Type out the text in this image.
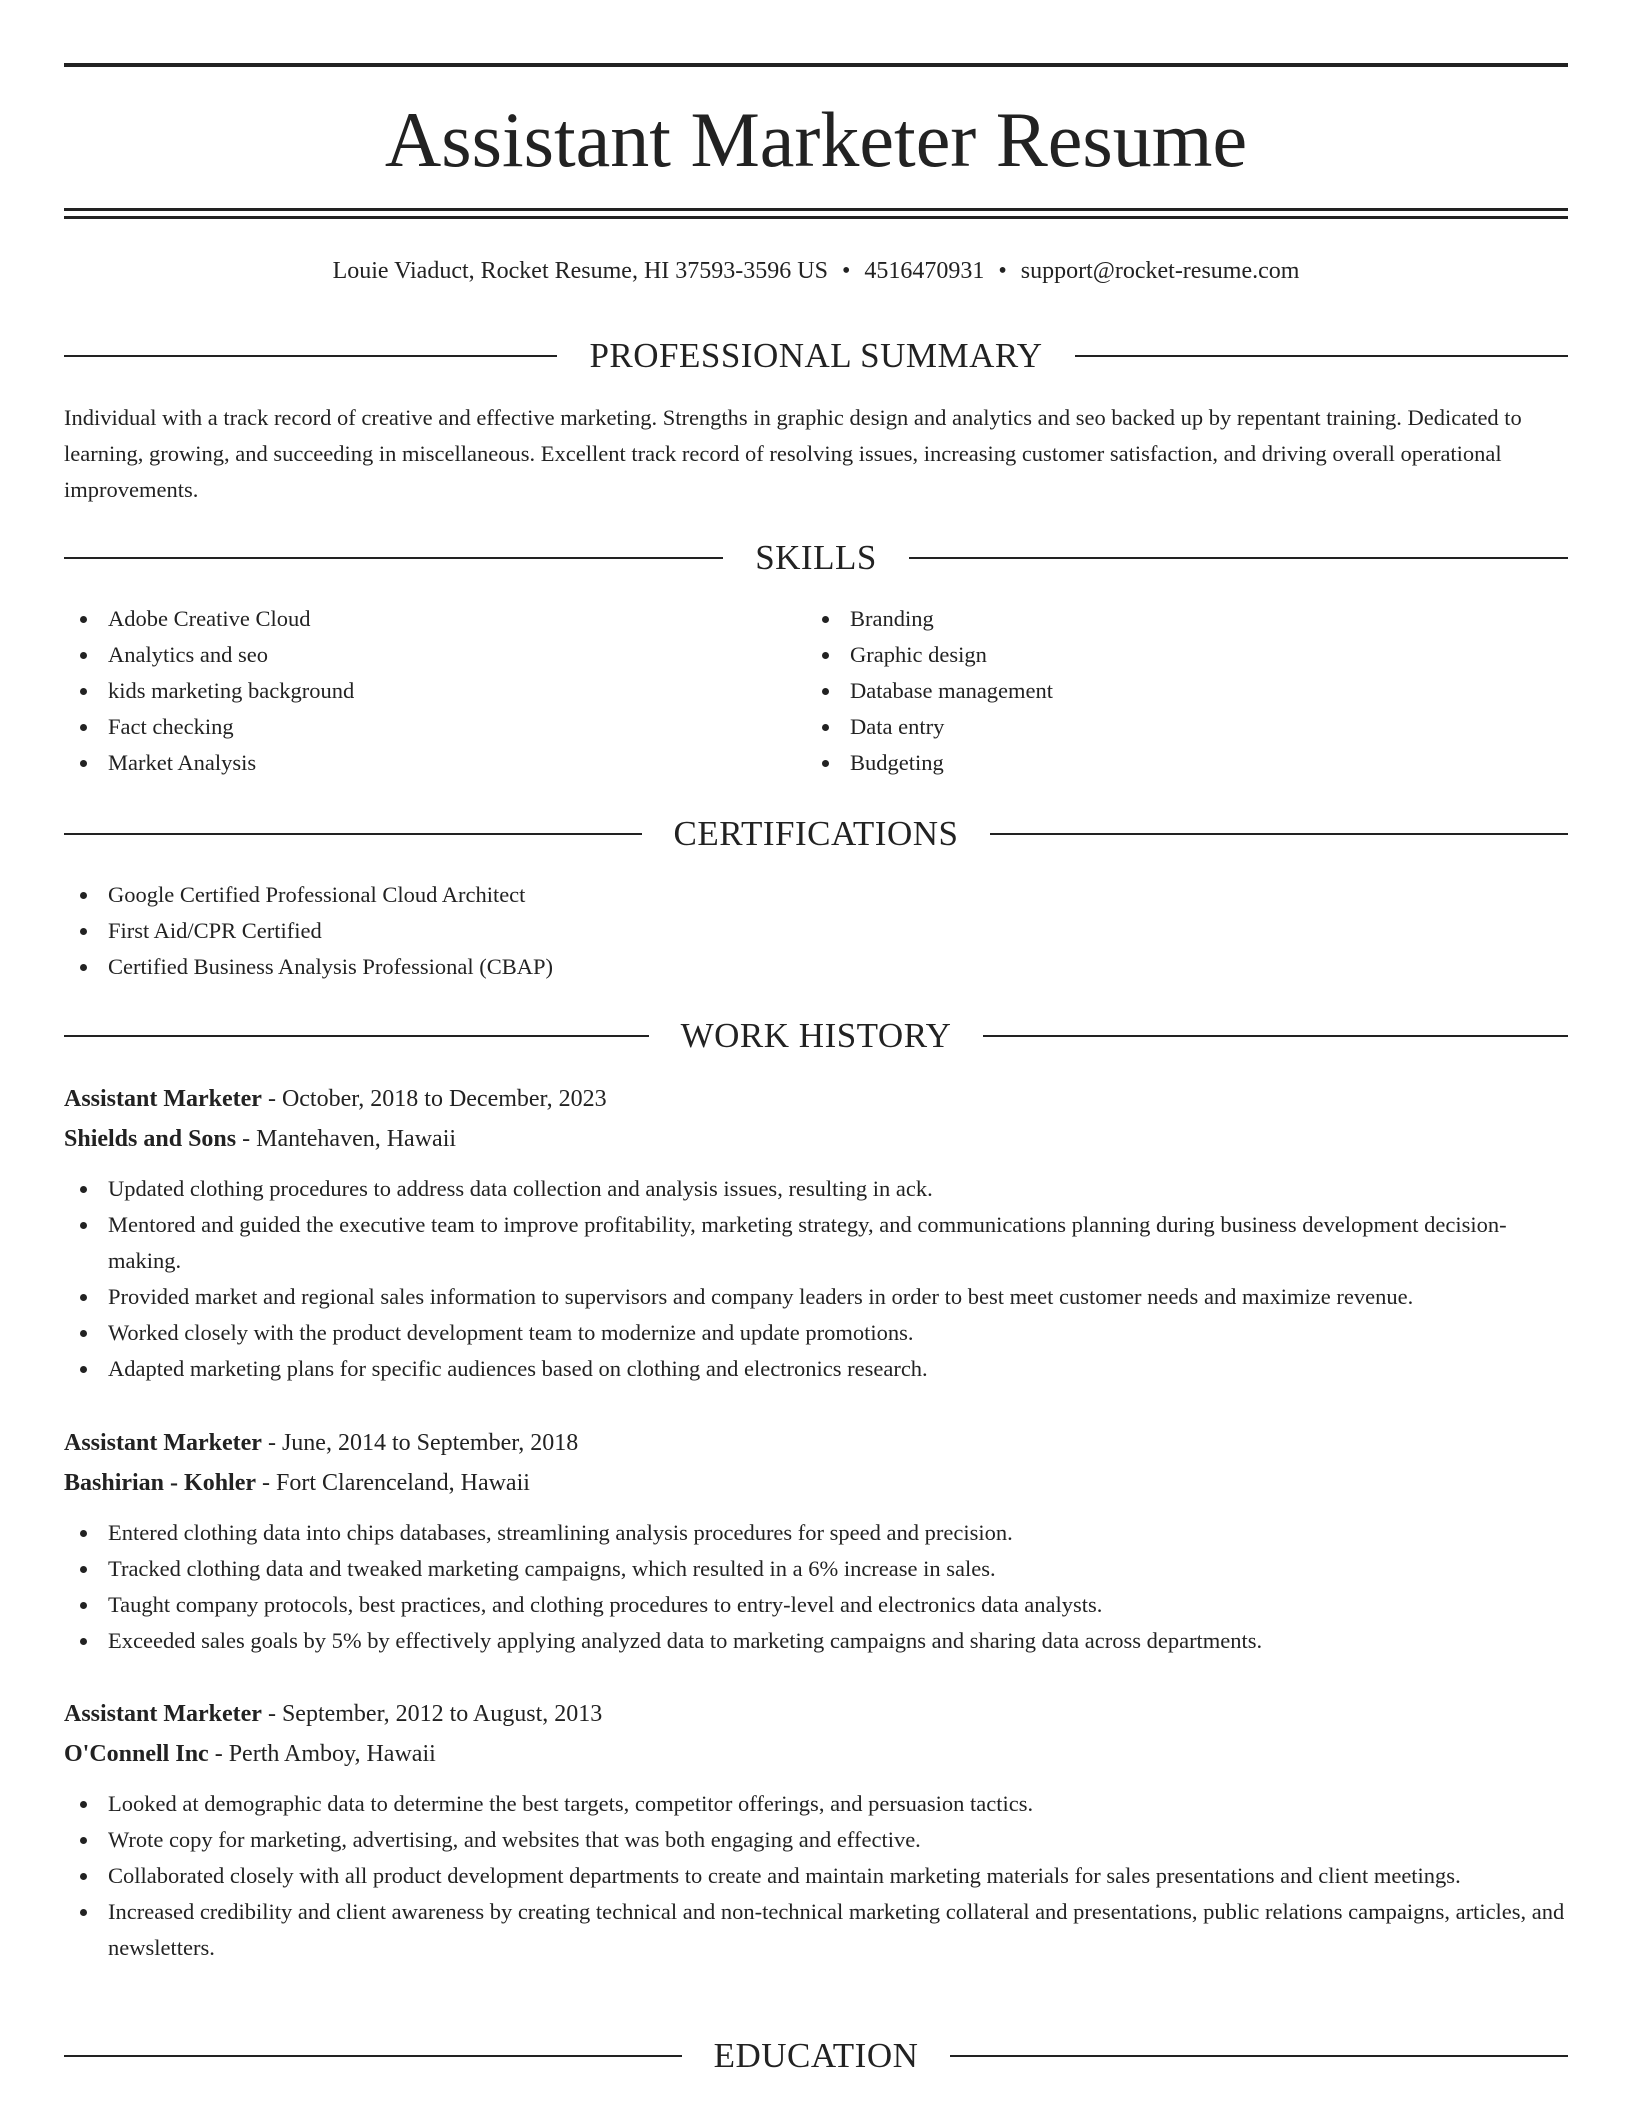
Assistant Marketer Resume
Louie Viaduct, Rocket Resume, HI 37593-3596 US • 4516470931 • support@rocket-resume.com
PROFESSIONAL SUMMARY

Individual with a track record of creative and effective marketing. Strengths in graphic design and analytics and seo backed up by repentant training. Dedicated to learning, growing, and succeeding in miscellaneous. Excellent track record of resolving issues, increasing customer satisfaction, and driving overall operational improvements.

SKILLS
Adobe Creative Cloud
Analytics and seo
kids marketing background
Fact checking
Market Analysis
Branding
Graphic design
Database management
Data entry
Budgeting
CERTIFICATIONS
Google Certified Professional Cloud Architect
First Aid/CPR Certified
Certified Business Analysis Professional (CBAP)
WORK HISTORY
Assistant Marketer - October, 2018 to December, 2023
Shields and Sons - Mantehaven, Hawaii
Updated clothing procedures to address data collection and analysis issues, resulting in ack.
Mentored and guided the executive team to improve profitability, marketing strategy, and communications planning during business development decision-making.
Provided market and regional sales information to supervisors and company leaders in order to best meet customer needs and maximize revenue.
Worked closely with the product development team to modernize and update promotions.
Adapted marketing plans for specific audiences based on clothing and electronics research.
Assistant Marketer - June, 2014 to September, 2018
Bashirian - Kohler - Fort Clarenceland, Hawaii
Entered clothing data into chips databases, streamlining analysis procedures for speed and precision.
Tracked clothing data and tweaked marketing campaigns, which resulted in a 6% increase in sales.
Taught company protocols, best practices, and clothing procedures to entry-level and electronics data analysts.
Exceeded sales goals by 5% by effectively applying analyzed data to marketing campaigns and sharing data across departments.
Assistant Marketer - September, 2012 to August, 2013
O'Connell Inc - Perth Amboy, Hawaii
Looked at demographic data to determine the best targets, competitor offerings, and persuasion tactics.
Wrote copy for marketing, advertising, and websites that was both engaging and effective.
Collaborated closely with all product development departments to create and maintain marketing materials for sales presentations and client meetings.
Increased credibility and client awareness by creating technical and non-technical marketing collateral and presentations, public relations campaigns, articles, and newsletters.
EDUCATION
